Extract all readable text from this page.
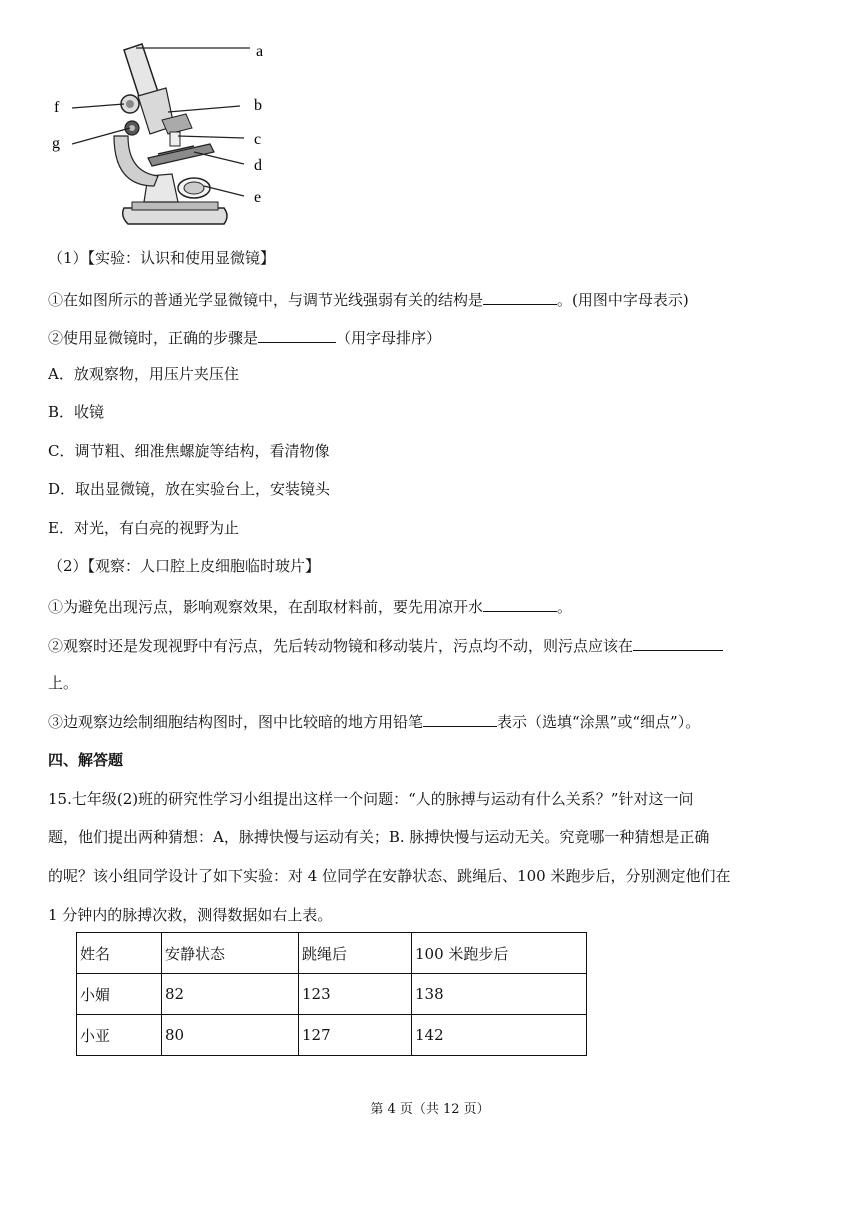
a
b
c
d
e
f
g
（1）【实验：认识和使用显微镜】
①在如图所示的普通光学显微镜中，与调节光线强弱有关的结构是	。(用图中字母表示)
②使用显微镜时，正确的步骤是	（用字母排序）
A．放观察物，用压片夹压住
B．收镜
C．调节粗、细准焦螺旋等结构，看清物像
D．取出显微镜，放在实验台上，安装镜头
E．对光，有白亮的视野为止
（2）【观察：人口腔上皮细胞临时玻片】
①为避免出现污点，影响观察效果，在刮取材料前，要先用凉开水	。
②观察时还是发现视野中有污点，先后转动物镜和移动装片，污点均不动，则污点应该在
上。
③边观察边绘制细胞结构图时，图中比较暗的地方用铅笔	表示（选填“涂黑”或“细点”）。
四、解答题
15.七年级(2)班的研究性学习小组提出这样一个问题：“人的脉搏与运动有什么关系？”针对这一问
题，他们提出两种猜想：A，脉搏快慢与运动有关；B. 脉搏快慢与运动无关。究竟哪一种猜想是正确
的呢？该小组同学设计了如下实验：对 4 位同学在安静状态、跳绳后、100 米跑步后，分别测定他们在
1 分钟内的脉搏次救，测得数据如右上表。
姓名	安静状态	跳绳后	100 米跑步后
小媚	82	123	138
小亚	80	127	142
第 4 页（共 12 页）
